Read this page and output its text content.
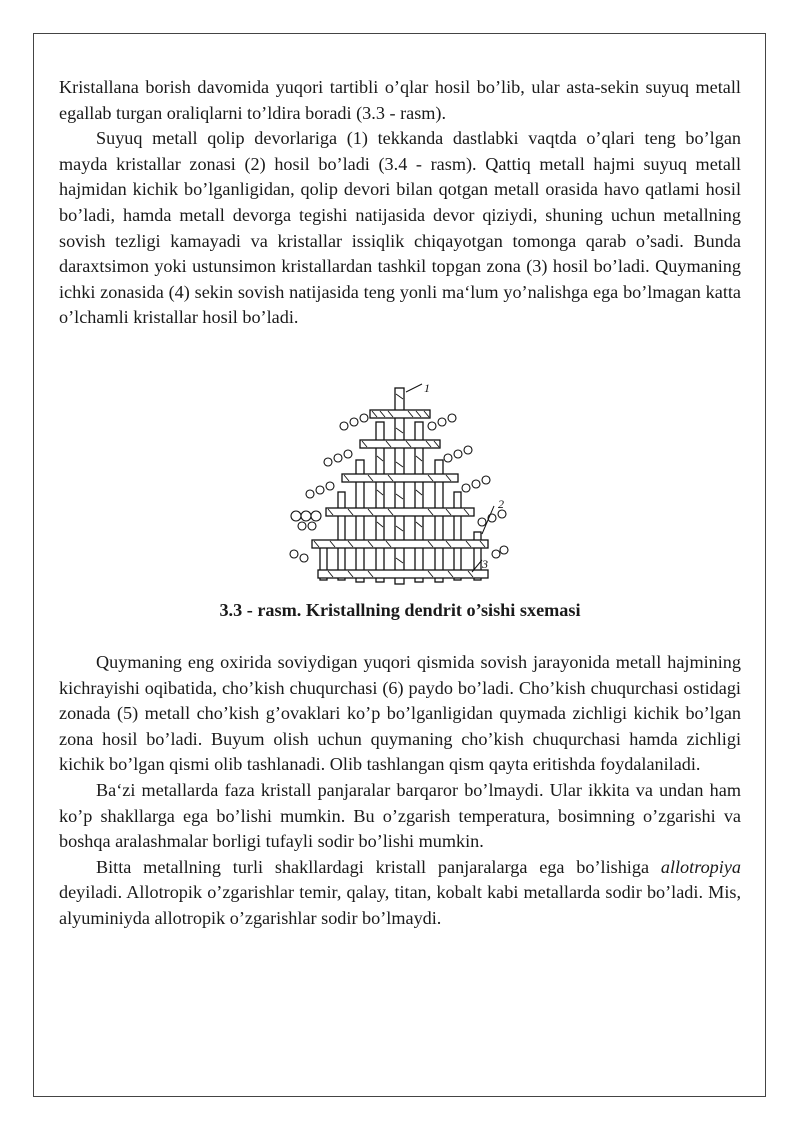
Kristallana borish davomida yuqori tartibli o’qlar hosil bo’lib, ular asta-sekin suyuq metall egallab turgan oraliqlarni to’ldira boradi (3.3 - rasm).

Suyuq metall qolip devorlariga (1) tekkanda dastlabki vaqtda o’qlari teng bo’lgan mayda kristallar zonasi (2) hosil bo’ladi (3.4 - rasm). Qattiq metall hajmi suyuq metall hajmidan kichik bo’lganligidan, qolip devori bilan qotgan metall orasida havo qatlami hosil bo’ladi, hamda metall devorga tegishi natijasida devor qiziydi, shuning uchun metallning sovish tezligi kamayadi va kristallar issiqlik chiqayotgan tomonga qarab o’sadi. Bunda daraxtsimon yoki ustunsimon kristallardan tashkil topgan zona (3) hosil bo’ladi. Quymaning ichki zonasida (4) sekin sovish natijasida teng yonli ma‘lum yo’nalishga ega bo’lmagan katta o’lchamli kristallar hosil bo’ladi.

1
2
3
3.3 - rasm. Kristallning dendrit o’sishi sxemasi

Quymaning eng oxirida soviydigan yuqori qismida sovish jarayonida metall hajmining kichrayishi oqibatida, cho’kish chuqurchasi (6) paydo bo’ladi. Cho’kish chuqurchasi ostidagi zonada (5) metall cho’kish g’ovaklari ko’p bo’lganligidan quymada zichligi kichik bo’lgan zona hosil bo’ladi. Buyum olish uchun quymaning cho’kish chuqurchasi hamda zichligi kichik bo’lgan qismi olib tashlanadi. Olib tashlangan qism qayta eritishda foydalaniladi.

Ba‘zi metallarda faza kristall panjaralar barqaror bo’lmaydi. Ular ikkita va undan ham ko’p shakllarga ega bo’lishi mumkin. Bu o’zgarish temperatura, bosimning o’zgarishi va boshqa aralashmalar borligi tufayli sodir bo’lishi mumkin.

Bitta metallning turli shakllardagi kristall panjaralarga ega bo’lishiga allotropiya deyiladi. Allotropik o’zgarishlar temir, qalay, titan, kobalt kabi metallarda sodir bo’ladi. Mis, alyuminiyda allotropik o’zgarishlar sodir bo’lmaydi.
